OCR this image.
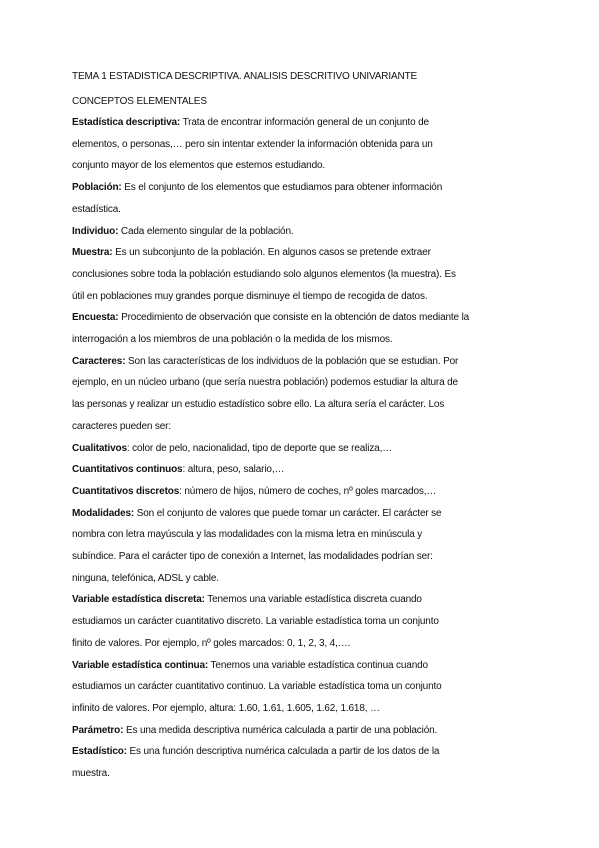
TEMA 1 ESTADISTICA DESCRIPTIVA. ANALISIS DESCRITIVO UNIVARIANTE

CONCEPTOS ELEMENTALES

Estadística descriptiva: Trata de encontrar información general de un conjunto de

elementos, o personas,… pero sin intentar extender la información obtenida para un

conjunto mayor de los elementos que estemos estudiando.

Población: Es el conjunto de los elementos que estudiamos para obtener información

estadística.

Individuo: Cada elemento singular de la población.

Muestra: Es un subconjunto de la población. En algunos casos se pretende extraer

conclusiones sobre toda la población estudiando solo algunos elementos (la muestra). Es

útil en poblaciones muy grandes porque disminuye el tiempo de recogida de datos.

Encuesta: Procedimiento de observación que consiste en la obtención de datos mediante la

interrogación a los miembros de una población o la medida de los mismos.

Caracteres: Son las características de los individuos de la población que se estudian. Por

ejemplo, en un núcleo urbano (que sería nuestra población) podemos estudiar la altura de

las personas y realizar un estudio estadístico sobre ello. La altura sería el carácter. Los

caracteres pueden ser:

Cualitativos: color de pelo, nacionalidad, tipo de deporte que se realiza,…

Cuantitativos continuos: altura, peso, salario,…

Cuantitativos discretos: número de hijos, número de coches, nº goles marcados,…

Modalidades: Son el conjunto de valores que puede tomar un carácter. El carácter se

nombra con letra mayúscula y las modalidades con la misma letra en minúscula y

subíndice. Para el carácter tipo de conexión a Internet, las modalidades podrían ser:

ninguna, telefónica, ADSL y cable.

Variable estadística discreta: Tenemos una variable estadística discreta cuando

estudiamos un carácter cuantitativo discreto. La variable estadística toma un conjunto

finito de valores. Por ejemplo, nº goles marcados: 0, 1, 2, 3, 4,….

Variable estadística continua: Tenemos una variable estadística continua cuando

estudiamos un carácter cuantitativo continuo. La variable estadística toma un conjunto

infinito de valores. Por ejemplo, altura: 1.60, 1.61, 1.605, 1.62, 1.618, …

Parámetro: Es una medida descriptiva numérica calculada a partir de una población.

Estadístico: Es una función descriptiva numérica calculada a partir de los datos de la

muestra.
